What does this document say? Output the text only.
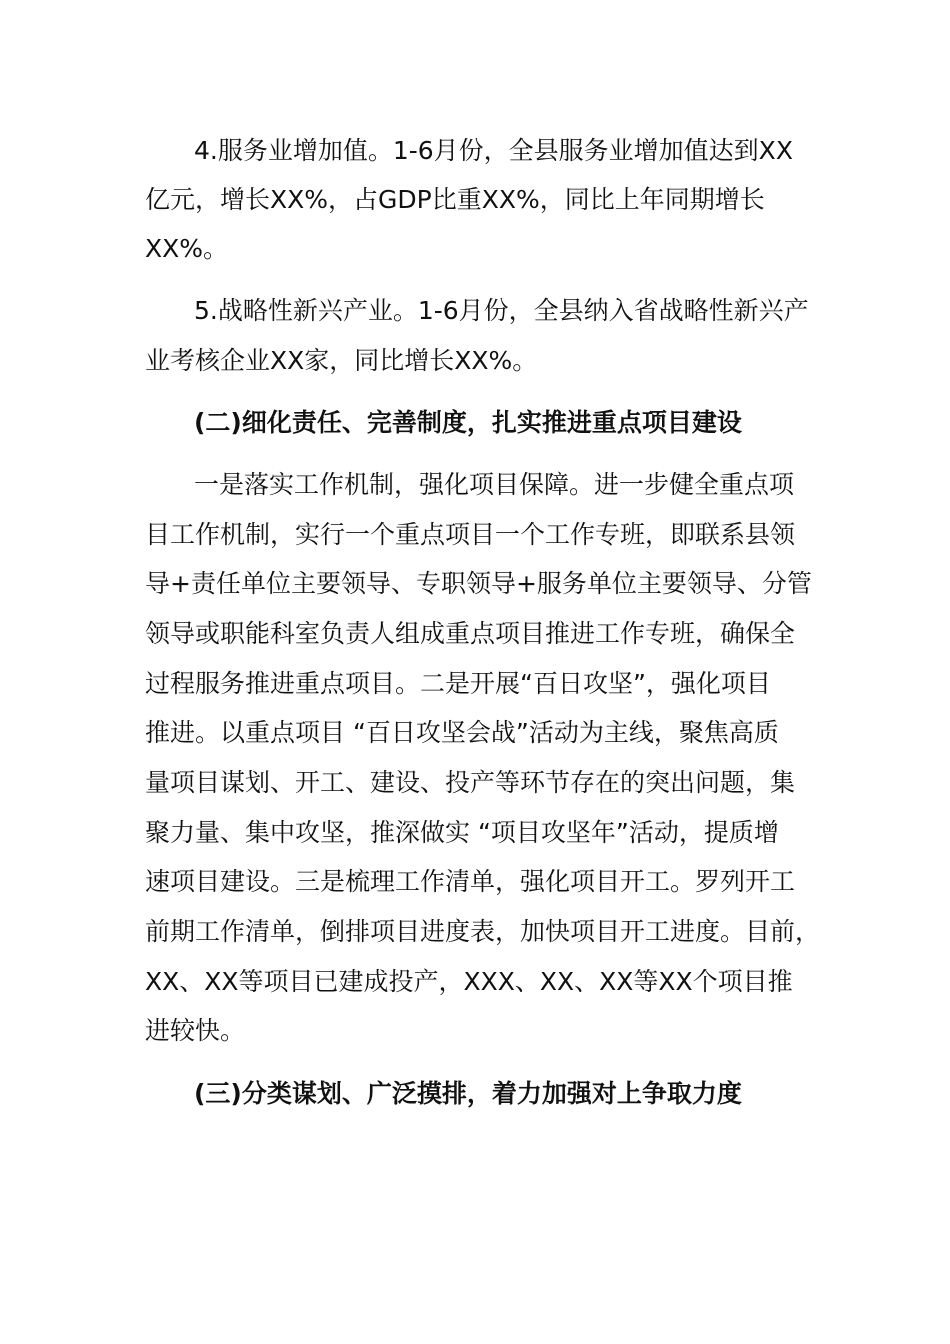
4.服务业增加值。1-6月份，全县服务业增加值达到XX
亿元，增长XX%，占GDP比重XX%，同比上年同期增长
XX%。
5.战略性新兴产业。1-6月份，全县纳入省战略性新兴产
业考核企业XX家，同比增长XX%。
(二)细化责任、完善制度，扎实推进重点项目建设
一是落实工作机制，强化项目保障。进一步健全重点项
目工作机制，实行一个重点项目一个工作专班，即联系县领
导+责任单位主要领导、专职领导+服务单位主要领导、分管
领导或职能科室负责人组成重点项目推进工作专班，确保全
过程服务推进重点项目。二是开展“百日攻坚”，强化项目
推进。以重点项目 “百日攻坚会战”活动为主线，聚焦高质
量项目谋划、开工、建设、投产等环节存在的突出问题，集
聚力量、集中攻坚，推深做实 “项目攻坚年”活动，提质增
速项目建设。三是梳理工作清单，强化项目开工。罗列开工
前期工作清单，倒排项目进度表，加快项目开工进度。目前，
XX、XX等项目已建成投产，XXX、XX、XX等XX个项目推
进较快。
(三)分类谋划、广泛摸排，着力加强对上争取力度
